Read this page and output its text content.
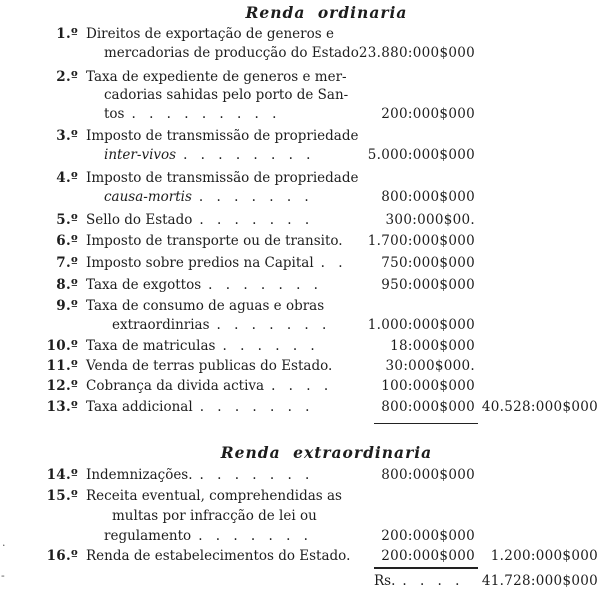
Renda ordinaria
1.º Direitos de exportação de generos e
mercadorias de producção do Estado 23.880:000$000
2.º Taxa de expediente de generos e mer-
cadorias sahidas pelo porto de San-
tos . . . . . . . . .	200:000$000
3.º Imposto de transmissão de propriedade
inter-vivos . . . . . . . .	5.000:000$000
4.º Imposto de transmissão de propriedade
causa-mortis . . . . . . .	800:000$000
5.º Sello do Estado . . . . . . .	300:000$00.
6.º Imposto de transporte ou de transito. 1.700:000$000
7.º Imposto sobre predios na Capital . .	750:000$000
8.º Taxa de exgottos . . . . . . .	950:000$000
9.º Taxa de consumo de aguas e obras
extraordinrias . . . . . . .	1.000:000$000
10.º Taxa de matriculas . . . . . .	18:000$000
11.º Venda de terras publicas do Estado.	30:000$000.
12.º Cobrança da divida activa . . . .	100:000$000
13.º Taxa addicional . . . . . . .	800:000$000 40.528:000$000
Renda extraordinaria
14.º Indemnizações. . . . . . . .	800:000$000
15.º Receita eventual, comprehendidas as
multas por infracção de lei ou
regulamento . . . . . . .	200:000$000
16.º Renda de estabelecimentos do Estado. 200:000$000 1.200:000$000
Rs. . . . . 41.728:000$000
.
-
